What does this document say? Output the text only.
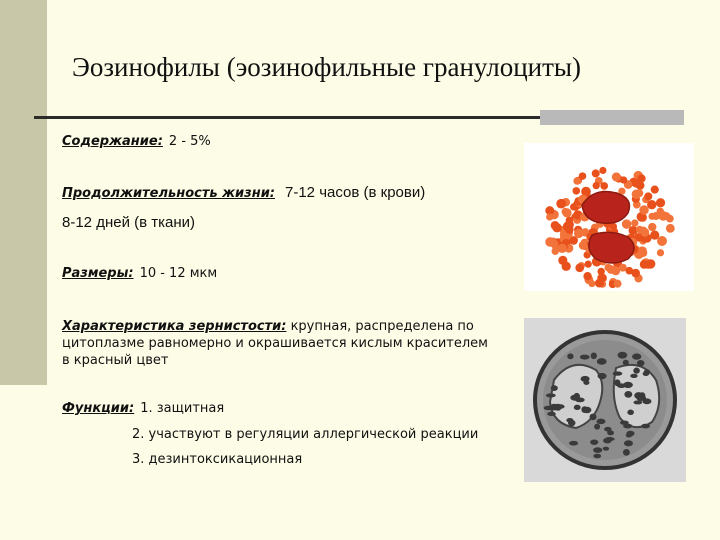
Эозинофилы (эозинофильные гранулоциты)
Содержание: 2 - 5%
Продолжительность жизни: 7-12 часов (в крови)
8-12 дней (в ткани)
Размеры: 10 - 12 мкм
Характеристика зернистости: крупная, распределена по
цитоплазме равномерно и окрашивается кислым красителем
в красный цвет
Функции: 1. защитная
2. участвуют в регуляции аллергической реакции
3. дезинтоксикационная
